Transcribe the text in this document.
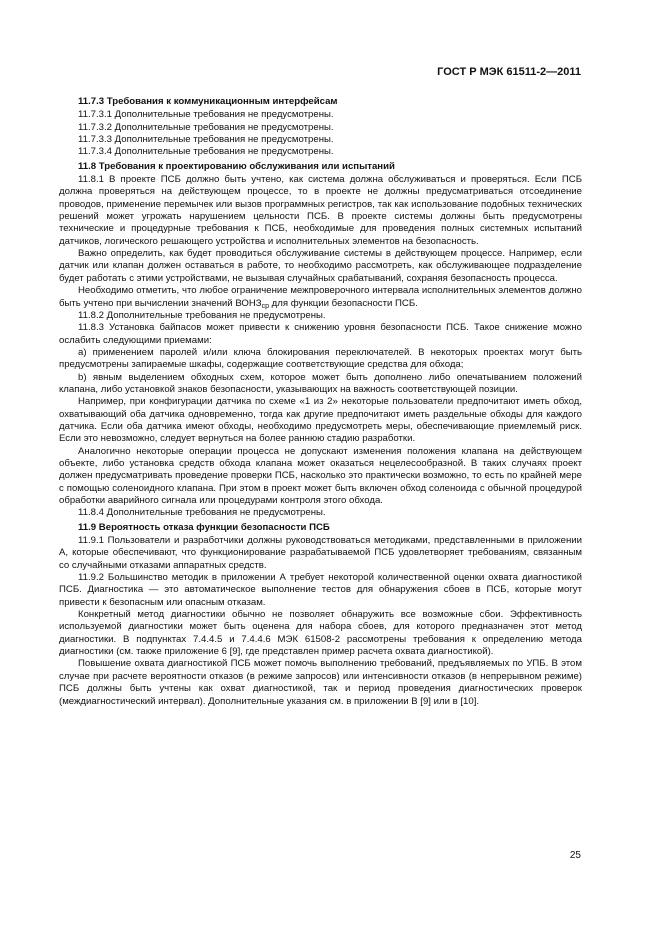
ГОСТ Р МЭК 61511-2—2011
11.7.3 Требования к коммуникационным интерфейсам
11.7.3.1 Дополнительные требования не предусмотрены.
11.7.3.2 Дополнительные требования не предусмотрены.
11.7.3.3 Дополнительные требования не предусмотрены.
11.7.3.4 Дополнительные требования не предусмотрены.
11.8 Требования к проектированию обслуживания или испытаний

11.8.1 В проекте ПСБ должно быть учтено, как система должна обслуживаться и проверяться. Если ПСБ должна проверяться на действующем процессе, то в проекте не должны предусматриваться отсоединение проводов, применение перемычек или вызов программных регистров, так как использование подобных технических решений может угрожать нарушением цельности ПСБ. В проекте системы должны быть предусмотрены технические и процедурные требования к ПСБ, необходимые для проведения полных системных испытаний датчиков, логического решающего устройства и исполнительных элементов на безопасность.

Важно определить, как будет проводиться обслуживание системы в действующем процессе. Например, если датчик или клапан должен оставаться в работе, то необходимо рассмотреть, как обслуживающее подразделение будет работать с этими устройствами, не вызывая случайных срабатываний, сохраняя безопасность процесса.

Необходимо отметить, что любое ограничение межпроверочного интервала исполнительных элементов должно быть учтено при вычислении значений $ВОНЗ_{ср}$ для функции безопасности ПСБ.

11.8.2 Дополнительные требования не предусмотрены.

11.8.3 Установка байпасов может привести к снижению уровня безопасности ПСБ. Такое снижение можно ослабить следующими приемами:

a) применением паролей и/или ключа блокирования переключателей. В некоторых проектах могут быть предусмотрены запираемые шкафы, содержащие соответствующие средства для обхода;

b) явным выделением обходных схем, которое может быть дополнено либо опечатыванием положений клапана, либо установкой знаков безопасности, указывающих на важность соответствующей позиции.

Например, при конфигурации датчика по схеме «1 из 2» некоторые пользователи предпочитают иметь обход, охватывающий оба датчика одновременно, тогда как другие предпочитают иметь раздельные обходы для каждого датчика. Если оба датчика имеют обходы, необходимо предусмотреть меры, обеспечивающие приемлемый риск. Если это невозможно, следует вернуться на более раннюю стадию разработки.

Аналогично некоторые операции процесса не допускают изменения положения клапана на действующем объекте, либо установка средств обхода клапана может оказаться нецелесообразной. В таких случаях проект должен предусматривать проведение проверки ПСБ, насколько это практически возможно, то есть по крайней мере с помощью соленоидного клапана. При этом в проект может быть включен обход соленоида с обычной процедурой обработки аварийного сигнала или процедурами контроля этого обхода.

11.8.4 Дополнительные требования не предусмотрены.

11.9 Вероятность отказа функции безопасности ПСБ

11.9.1 Пользователи и разработчики должны руководствоваться методиками, представленными в приложении А, которые обеспечивают, что функционирование разрабатываемой ПСБ удовлетворяет требованиям, связанным со случайными отказами аппаратных средств.

11.9.2 Большинство методик в приложении А требует некоторой количественной оценки охвата диагностикой ПСБ. Диагностика — это автоматическое выполнение тестов для обнаружения сбоев в ПСБ, которые могут привести к безопасным или опасным отказам.

Конкретный метод диагностики обычно не позволяет обнаружить все возможные сбои. Эффективность используемой диагностики может быть оценена для набора сбоев, для которого предназначен этот метод диагностики. В подпунктах 7.4.4.5 и 7.4.4.6 МЭК 61508-2 рассмотрены требования к определению метода диагностики (см. также приложение 6 [9], где представлен пример расчета охвата диагностикой).

Повышение охвата диагностикой ПСБ может помочь выполнению требований, предъявляемых по УПБ. В этом случае при расчете вероятности отказов (в режиме запросов) или интенсивности отказов (в непрерывном режиме) ПСБ должны быть учтены как охват диагностикой, так и период проведения диагностических проверок (междиагностический интервал). Дополнительные указания см. в приложении В [9] или в [10].

25
